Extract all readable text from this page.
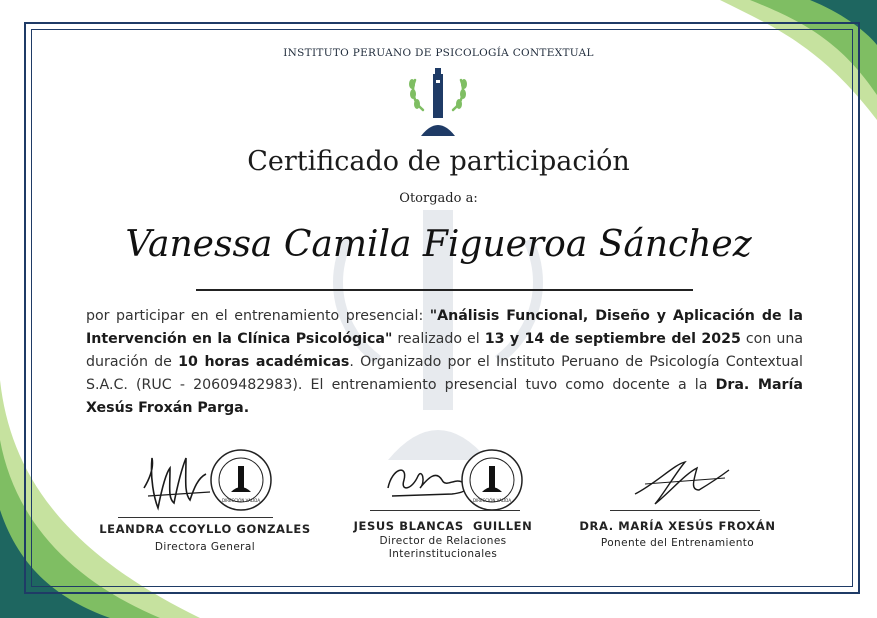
INSTITUTO PERUANO DE PSICOLOGÍA CONTEXTUAL
Certificado de participación
Otorgado a:
Vanessa Camila Figueroa Sánchez
por participar en el entrenamiento presencial: "Análisis Funcional, Diseño y Aplicación de la Intervención en la Clínica Psicológica" realizado el 13 y 14 de septiembre del 2025 con una duración de 10 horas académicas. Organizado por el Instituto Peruano de Psicología Contextual S.A.C. (RUC - 20609482983). El entrenamiento presencial tuvo como docente a la Dra. María Xesús Froxán Parga.
DIRECCIÓN VALIDA
LEANDRA CCOYLLO GONZALES
Directora General
DIRECCIÓN VALIDA
JESUS BLANCAS  GUILLEN
Director de Relaciones
Interinstitucionales
DRA. MARÍA XESÚS FROXÁN
Ponente del Entrenamiento
